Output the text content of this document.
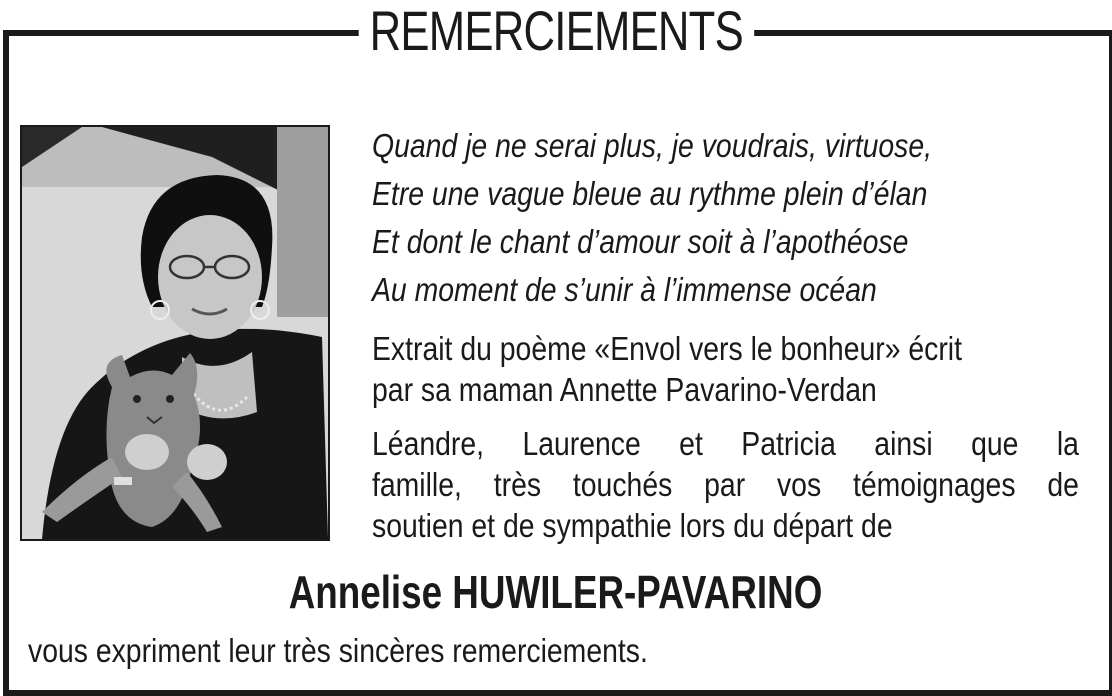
REMERCIEMENTS
Quand je ne serai plus, je voudrais, virtuose,
Etre une vague bleue au rythme plein d’élan
Et dont le chant d’amour soit à l’apothéose
Au moment de s’unir à l’immense océan
Extrait du poème «Envol vers le bonheur» écrit
par sa maman Annette Pavarino-Verdan
Léandre, Laurence et Patricia ainsi que la
famille, très touchés par vos témoignages de
soutien et de sympathie lors du départ de
Annelise HUWILER-PAVARINO
vous expriment leur très sincères remerciements.
